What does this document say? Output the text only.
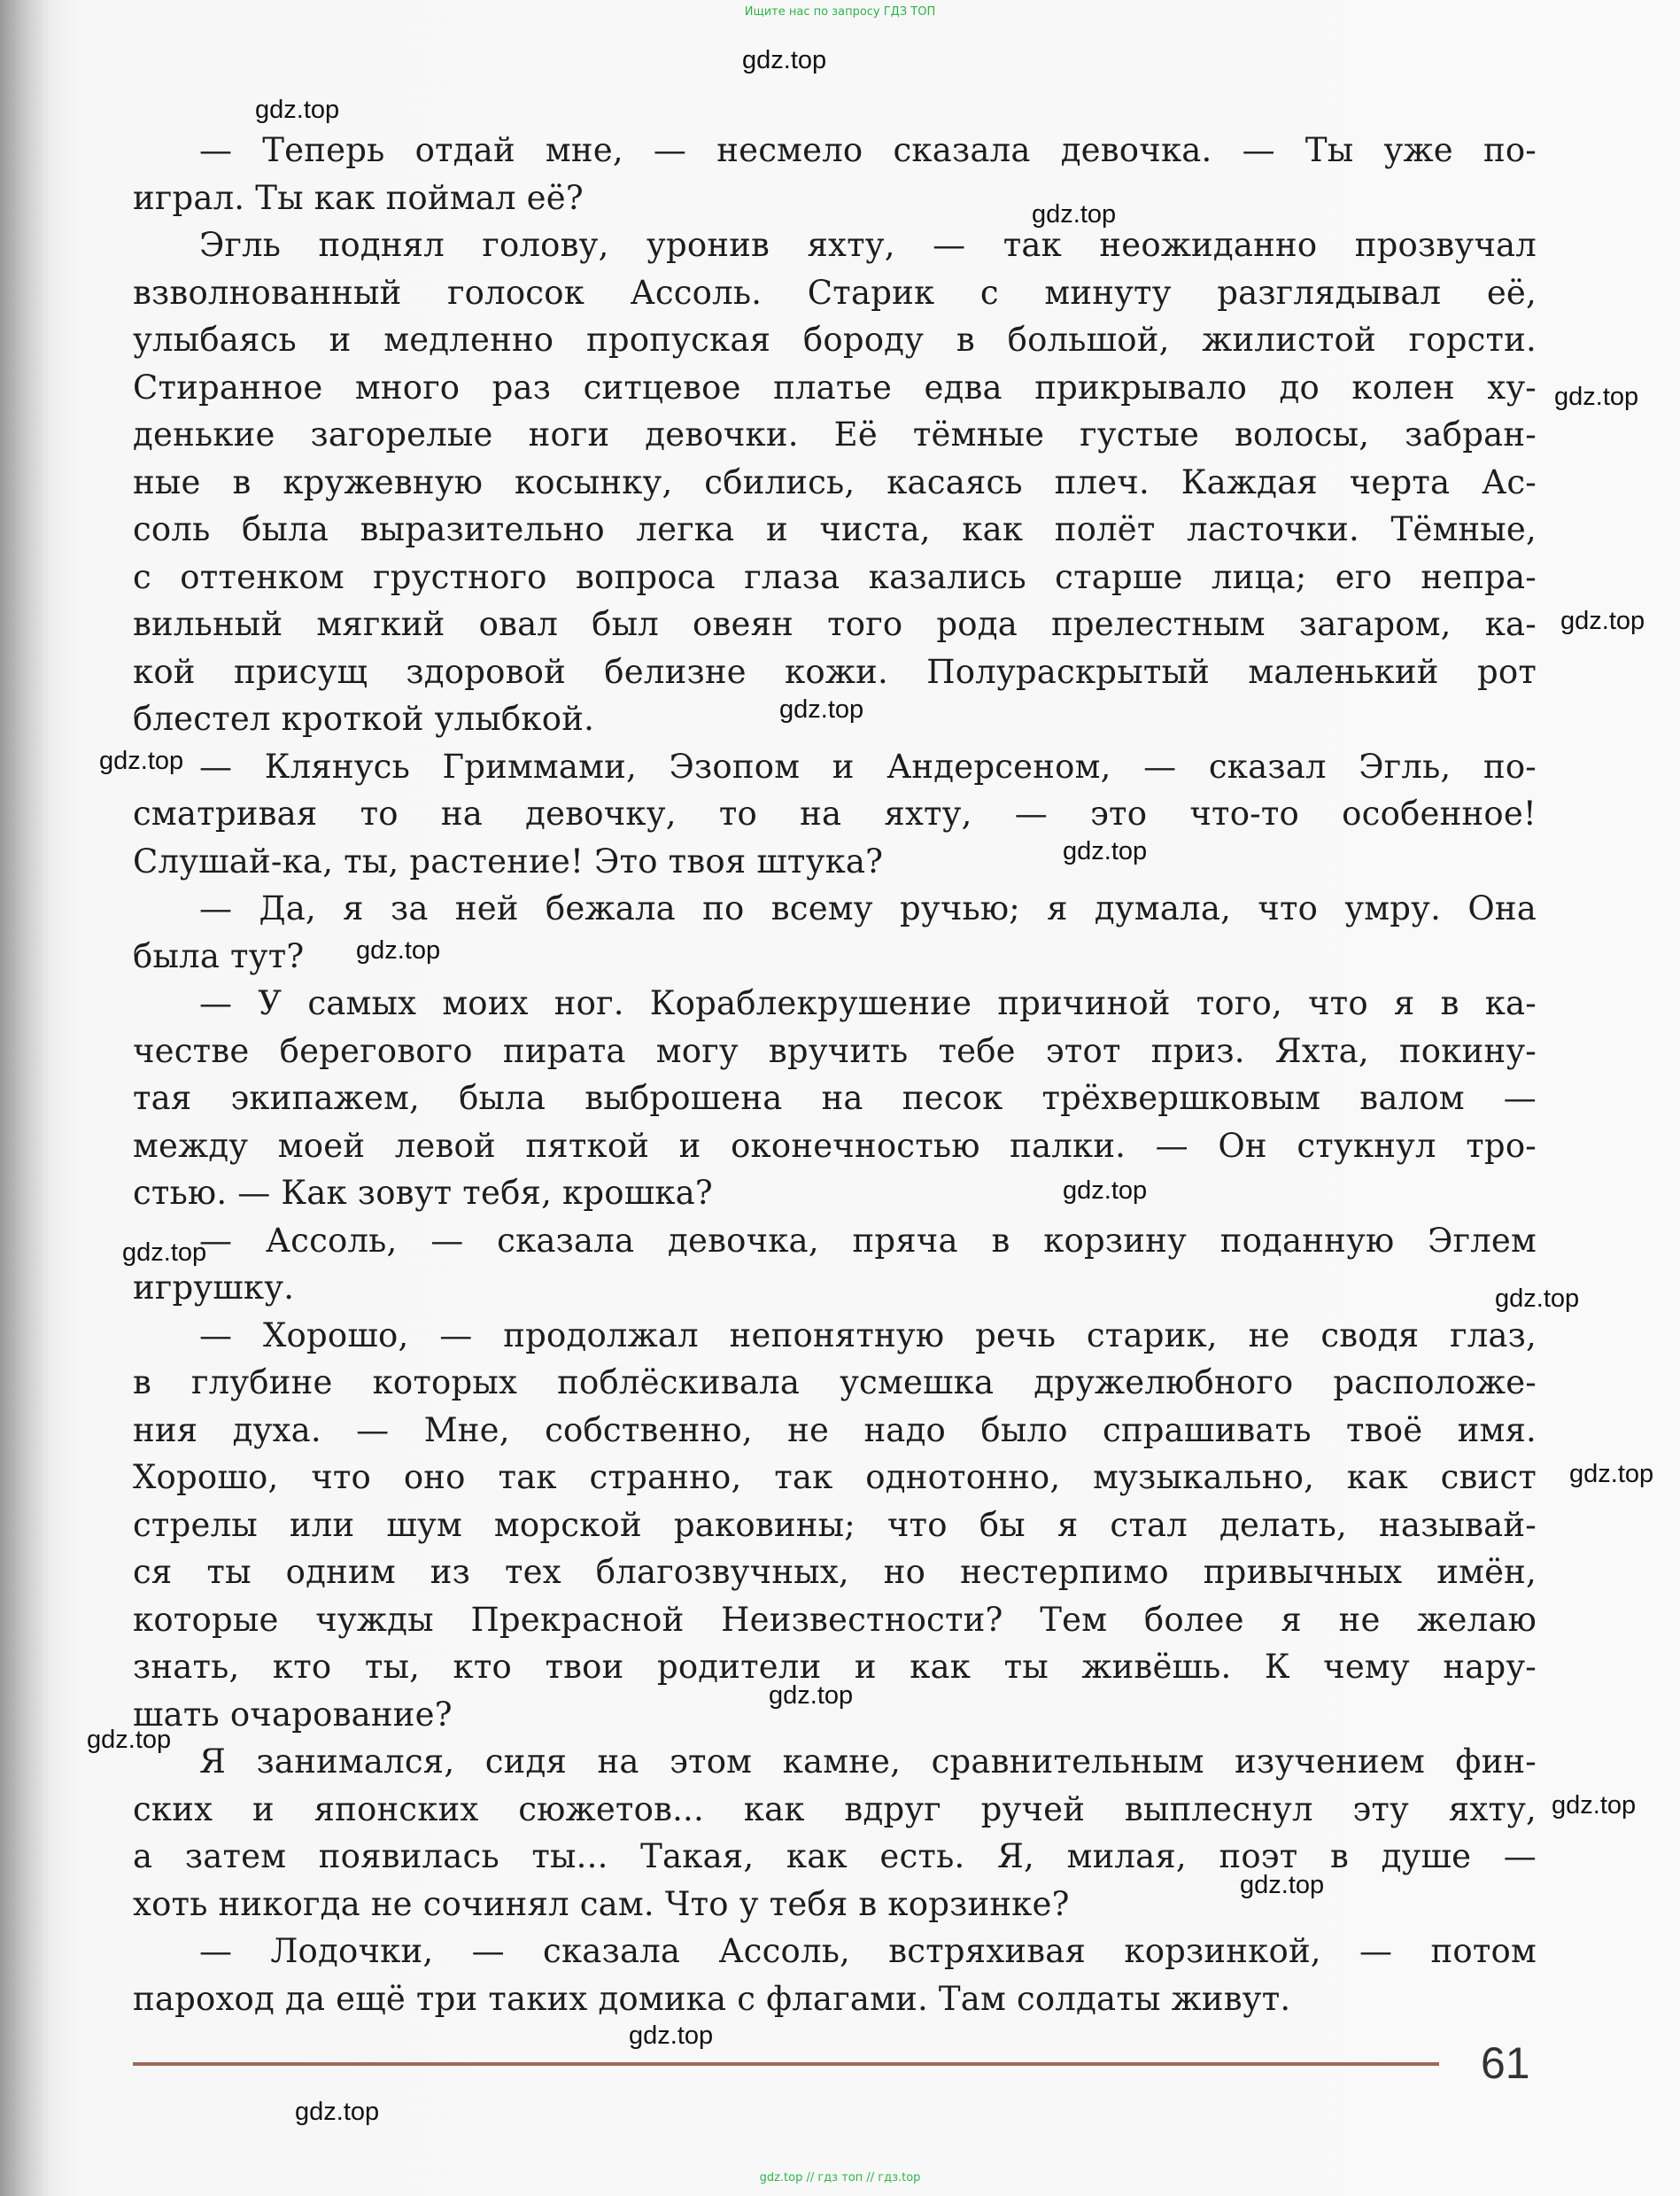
Ищите нас по запросу ГДЗ ТОП
— Теперь отдай мне, — несмело сказала девочка. — Ты уже по-
играл. Ты как поймал её?
Эгль поднял голову, уронив яхту, — так неожиданно прозвучал
взволнованный голосок Ассоль. Старик с минуту разглядывал её,
улыбаясь и медленно пропуская бороду в большой, жилистой горсти.
Стиранное много раз ситцевое платье едва прикрывало до колен ху-
денькие загорелые ноги девочки. Её тёмные густые волосы, забран-
ные в кружевную косынку, сбились, касаясь плеч. Каждая черта Ас-
соль была выразительно легка и чиста, как полёт ласточки. Тёмные,
с оттенком грустного вопроса глаза казались старше лица; его непра-
вильный мягкий овал был овеян того рода прелестным загаром, ка-
кой присущ здоровой белизне кожи. Полураскрытый маленький рот
блестел кроткой улыбкой.
— Клянусь Гриммами, Эзопом и Андерсеном, — сказал Эгль, по-
сматривая то на девочку, то на яхту, — это что-то особенное!
Слушай-ка, ты, растение! Это твоя штука?
— Да, я за ней бежала по всему ручью; я думала, что умру. Она
была тут?
— У самых моих ног. Кораблекрушение причиной того, что я в ка-
честве берегового пирата могу вручить тебе этот приз. Яхта, покину-
тая экипажем, была выброшена на песок трёхвершковым валом —
между моей левой пяткой и оконечностью палки. — Он стукнул тро-
стью. — Как зовут тебя, крошка?
— Ассоль, — сказала девочка, пряча в корзину поданную Эглем
игрушку.
— Хорошо, — продолжал непонятную речь старик, не сводя глаз,
в глубине которых поблёскивала усмешка дружелюбного расположе-
ния духа. — Мне, собственно, не надо было спрашивать твоё имя.
Хорошо, что оно так странно, так однотонно, музыкально, как свист
стрелы или шум морской раковины; что бы я стал делать, называй-
ся ты одним из тех благозвучных, но нестерпимо привычных имён,
которые чужды Прекрасной Неизвестности? Тем более я не желаю
знать, кто ты, кто твои родители и как ты живёшь. К чему нару-
шать очарование?
Я занимался, сидя на этом камне, сравнительным изучением фин-
ских и японских сюжетов... как вдруг ручей выплеснул эту яхту,
а затем появилась ты... Такая, как есть. Я, милая, поэт в душе —
хоть никогда не сочинял сам. Что у тебя в корзинке?
— Лодочки, — сказала Ассоль, встряхивая корзинкой, — потом
пароход да ещё три таких домика с флагами. Там солдаты живут.
gdz.top
gdz.top
gdz.top
gdz.top
gdz.top
gdz.top
gdz.top
gdz.top
gdz.top
gdz.top
gdz.top
gdz.top
gdz.top
gdz.top
gdz.top
gdz.top
gdz.top
gdz.top
gdz.top
61
gdz.top // гдз топ // гдз.top
